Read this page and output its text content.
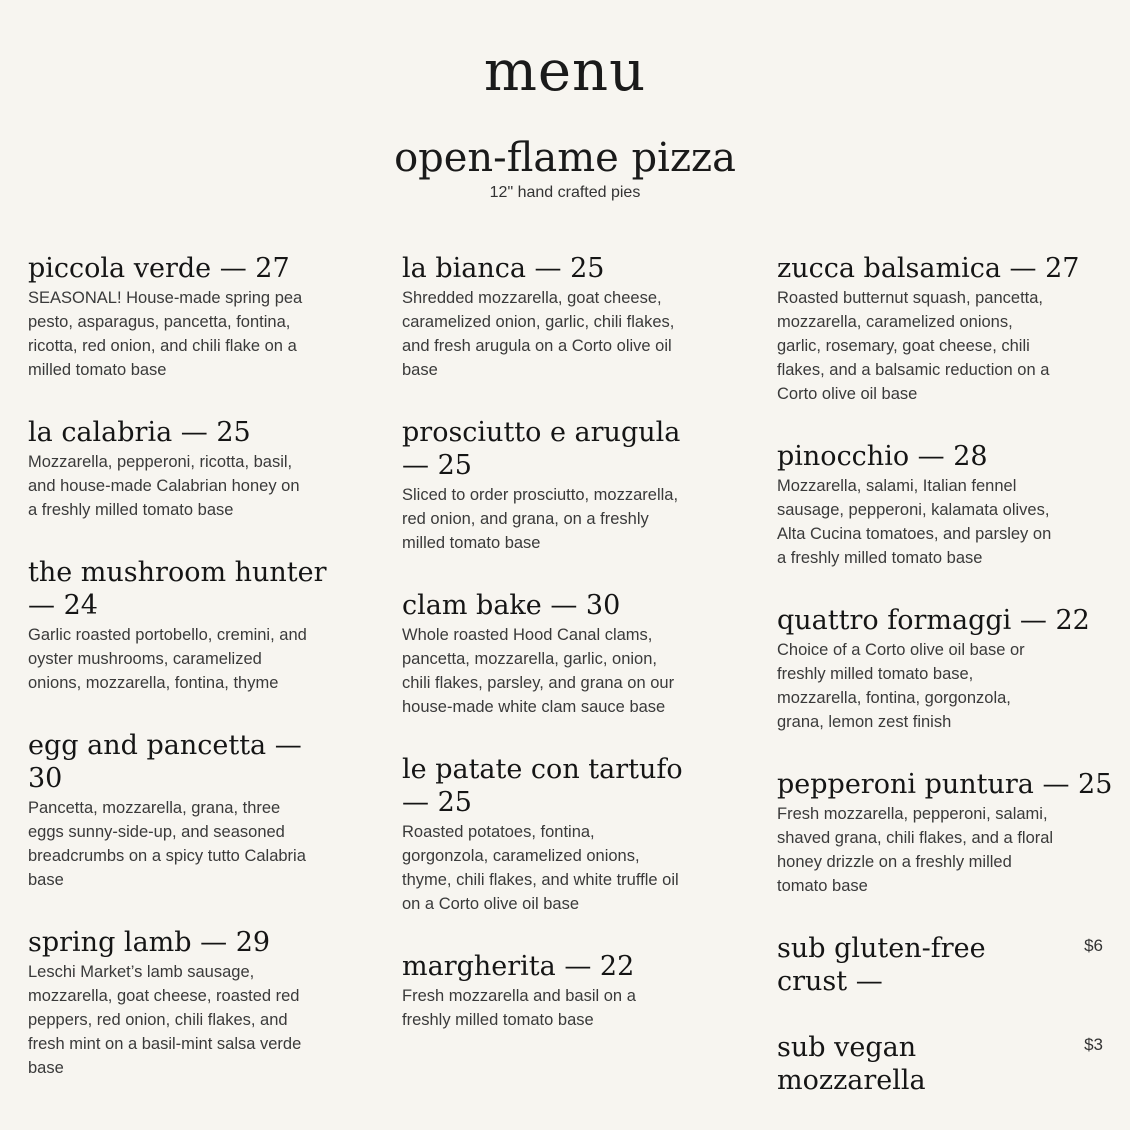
menu
open-flame pizza
12" hand crafted pies
piccola verde — 27

SEASONAL! House-made spring pea pesto, asparagus, pancetta, fontina, ricotta, red onion, and chili flake on a milled tomato base

la calabria — 25

Mozzarella, pepperoni, ricotta, basil, and house-made Calabrian honey on a freshly milled tomato base

the mushroom hunter — 24

Garlic roasted portobello, cremini, and oyster mushrooms, caramelized onions, mozzarella, fontina, thyme

egg and pancetta — 30

Pancetta, mozzarella, grana, three eggs sunny-side-up, and seasoned breadcrumbs on a spicy tutto Calabria base

spring lamb — 29

Leschi Market’s lamb sausage, mozzarella, goat cheese, roasted red peppers, red onion, chili flakes, and fresh mint on a basil-mint salsa verde base

la bianca — 25

Shredded mozzarella, goat cheese, caramelized onion, garlic, chili flakes, and fresh arugula on a Corto olive oil base

prosciutto e arugula — 25

Sliced to order prosciutto, mozzarella, red onion, and grana, on a freshly milled tomato base

clam bake — 30

Whole roasted Hood Canal clams, pancetta, mozzarella, garlic, onion, chili flakes, parsley, and grana on our house-made white clam sauce base

le patate con tartufo — 25

Roasted potatoes, fontina, gorgonzola, caramelized onions, thyme, chili flakes, and white truffle oil on a Corto olive oil base

margherita — 22

Fresh mozzarella and basil on a freshly milled tomato base

zucca balsamica — 27

Roasted butternut squash, pancetta, mozzarella, caramelized onions, garlic, rosemary, goat cheese, chili flakes, and a balsamic reduction on a Corto olive oil base

pinocchio — 28

Mozzarella, salami, Italian fennel sausage, pepperoni, kalamata olives, Alta Cucina tomatoes, and parsley on a freshly milled tomato base

quattro formaggi — 22

Choice of a Corto olive oil base or freshly milled tomato base, mozzarella, fontina, gorgonzola, grana, lemon zest finish

pepperoni puntura — 25

Fresh mozzarella, pepperoni, salami, shaved grana, chili flakes, and a floral honey drizzle on a freshly milled tomato base

sub gluten-free crust —
$6
sub vegan mozzarella
$3
